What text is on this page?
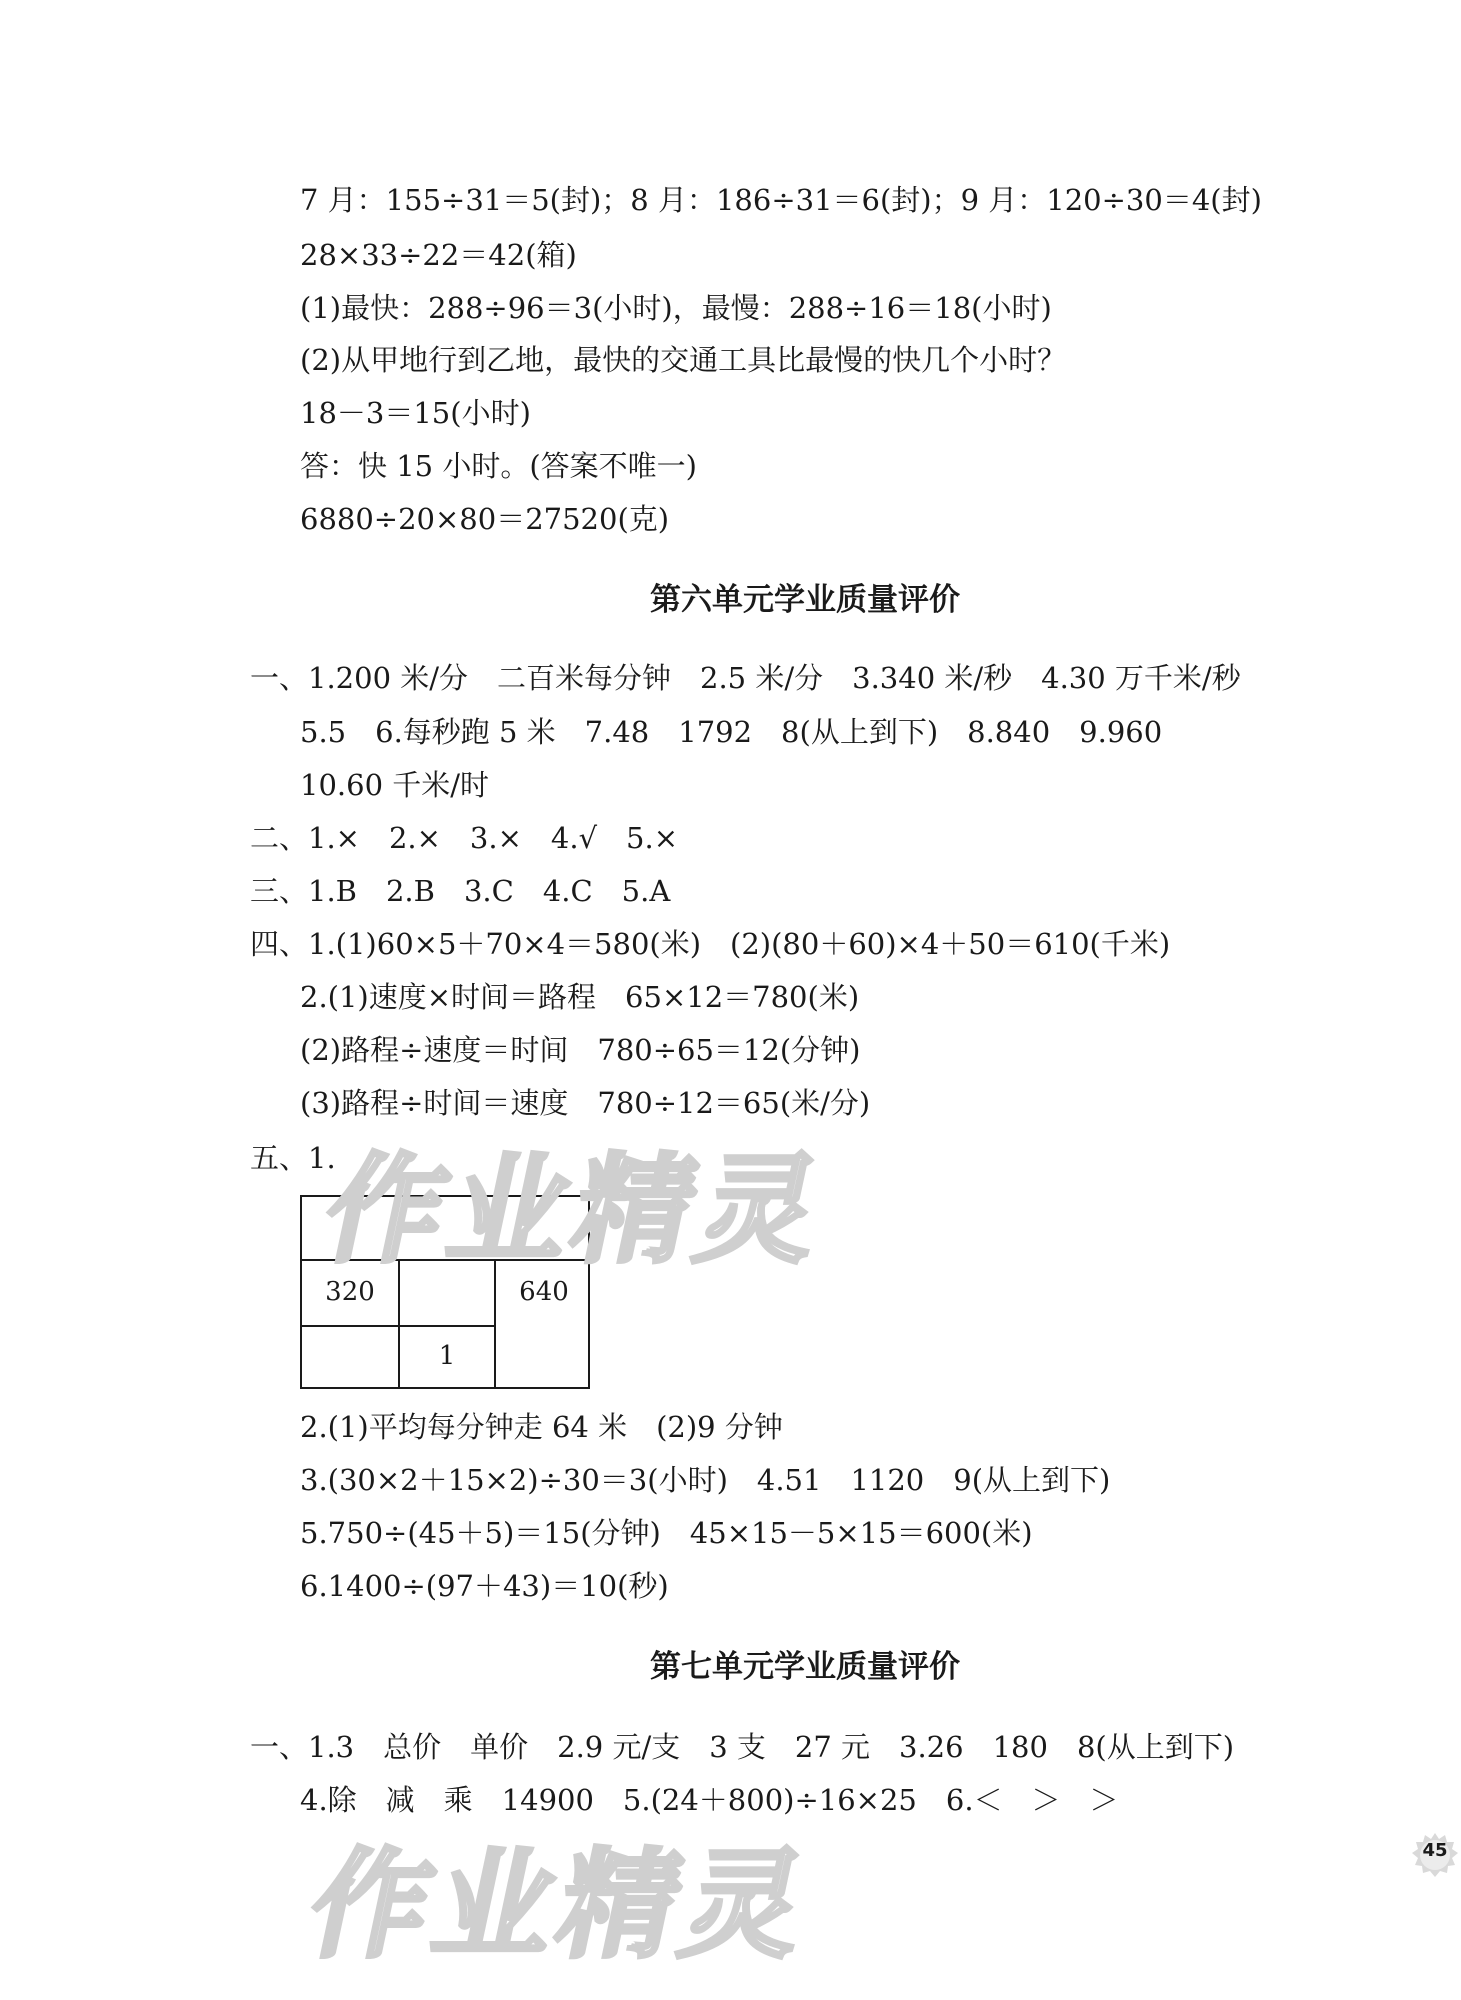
7 月：155÷31＝5(封)；8 月：186÷31＝6(封)；9 月：120÷30＝4(封)
28×33÷22＝42(箱)
(1)最快：288÷96＝3(小时)，最慢：288÷16＝18(小时)
(2)从甲地行到乙地，最快的交通工具比最慢的快几个小时？
18－3＝15(小时)
答：快 15 小时。(答案不唯一)
6880÷20×80＝27520(克)
第六单元学业质量评价
一、1.200 米/分　二百米每分钟　2.5 米/分　3.340 米/秒　4.30 万千米/秒
5.5　6.每秒跑 5 米　7.48　1792　8(从上到下)　8.840　9.960
10.60 千米/时
二、1.×　2.×　3.×　4.√　5.×
三、1.B　2.B　3.C　4.C　5.A
四、1.(1)60×5＋70×4＝580(米)　(2)(80＋60)×4＋50＝610(千米)
2.(1)速度×时间＝路程　65×12＝780(米)
(2)路程÷速度＝时间　780÷65＝12(分钟)
(3)路程÷时间＝速度　780÷12＝65(米/分)
五、1.
320	640
1
2.(1)平均每分钟走 64 米　(2)9 分钟
3.(30×2＋15×2)÷30＝3(小时)　4.51　1120　9(从上到下)
5.750÷(45＋5)＝15(分钟)　45×15－5×15＝600(米)
6.1400÷(97＋43)＝10(秒)
第七单元学业质量评价
一、1.3　总价　单价　2.9 元/支　3 支　27 元　3.26　180　8(从上到下)
4.除　减　乘　14900　5.(24＋800)÷16×25　6.＜　＞　＞
作业精灵
作业精灵	45
